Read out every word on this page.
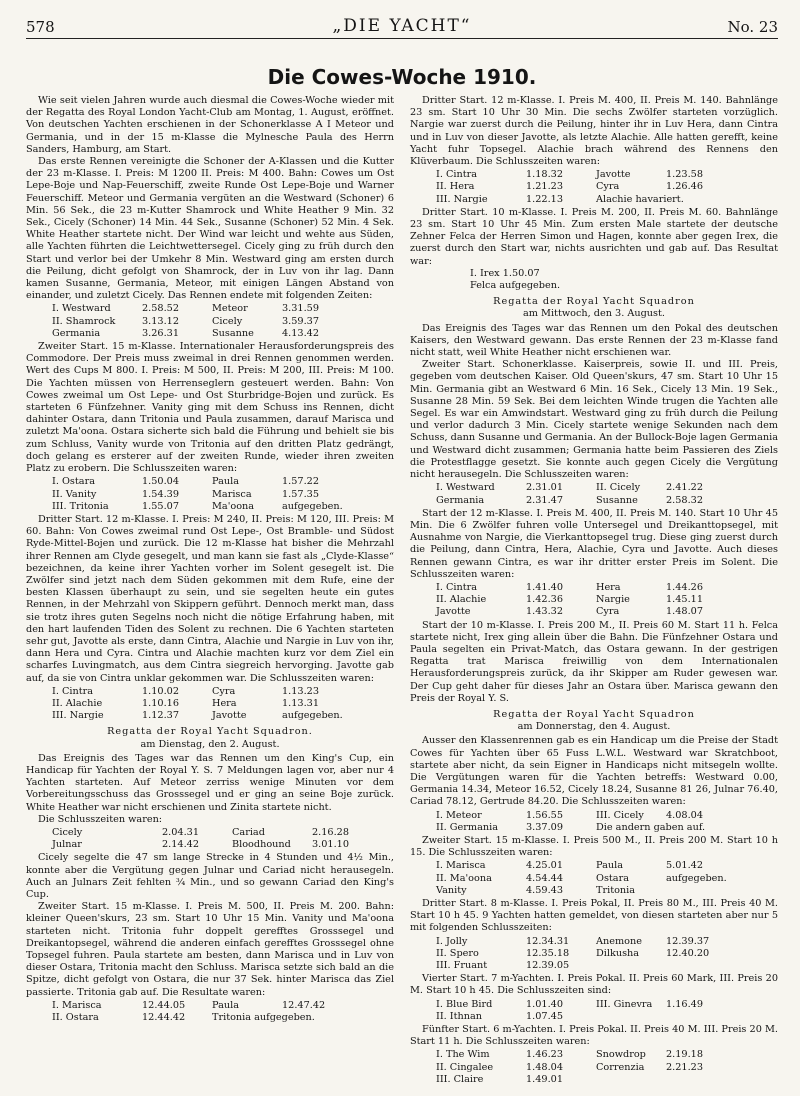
578	„DIE YACHT“	No. 23
Die Cowes-Woche 1910.

Wie seit vielen Jahren wurde auch diesmal die Cowes-Woche wieder mit der Regatta des Royal London Yacht-Club am Montag, 1. August, eröffnet. Von deutschen Yachten erschienen in der Schonerklasse A I Meteor und Germania, und in der 15 m-Klasse die Mylnesche Paula des Herrn Sanders, Hamburg, am Start.

Das erste Rennen vereinigte die Schoner der A-Klassen und die Kutter der 23 m-Klasse. I. Preis: M 1200 II. Preis: M 400. Bahn: Cowes um Ost Lepe-Boje und Nap-Feuerschiff, zweite Runde Ost Lepe-Boje und Warner Feuerschiff. Meteor und Germania vergüten an die Westward (Schoner) 6 Min. 56 Sek., die 23 m-Kutter Shamrock und White Heather 9 Min. 32 Sek., Cicely (Schoner) 14 Min. 44 Sek., Susanne (Schoner) 52 Min. 4 Sek. White Heather startete nicht. Der Wind war leicht und wehte aus Süden, alle Yachten führten die Leichtwettersegel. Cicely ging zu früh durch den Start und verlor bei der Umkehr 8 Min. Westward ging am ersten durch die Peilung, dicht gefolgt von Shamrock, der in Luv von ihr lag. Dann kamen Susanne, Germania, Meteor, mit einigen Längen Abstand von einander, und zuletzt Cicely. Das Rennen endete mit folgenden Zeiten:

I. Westward	2.58.52	Meteor	3.31.59
II. Shamrock	3.13.12	Cicely	3.59.37
Germania	3.26.31	Susanne	4.13.42

Zweiter Start. 15 m-Klasse. Internationaler Herausforderungspreis des Commodore. Der Preis muss zweimal in drei Rennen genommen werden. Wert des Cups M 800. I. Preis: M 500, II. Preis: M 200, III. Preis: M 100. Die Yachten müssen von Herrenseglern gesteuert werden. Bahn: Von Cowes zweimal um Ost Lepe- und Ost Sturbridge-Bojen und zurück. Es starteten 6 Fünfzehner. Vanity ging mit dem Schuss ins Rennen, dicht dahinter Ostara, dann Tritonia und Paula zusammen, darauf Marisca und zuletzt Ma'oona. Ostara sicherte sich bald die Führung und behielt sie bis zum Schluss, Vanity wurde von Tritonia auf den dritten Platz gedrängt, doch gelang es ersterer auf der zweiten Runde, wieder ihren zweiten Platz zu erobern. Die Schlusszeiten waren:

I. Ostara	1.50.04	Paula	1.57.22
II. Vanity	1.54.39	Marisca	1.57.35
III. Tritonia	1.55.07	Ma'oona	aufgegeben.

Dritter Start. 12 m-Klasse. I. Preis: M 240, II. Preis: M 120, III. Preis: M 60. Bahn: Von Cowes zweimal rund Ost Lepe-, Ost Bramble- und Südost Ryde-Mittel-Bojen und zurück. Die 12 m-Klasse hat bisher die Mehrzahl ihrer Rennen am Clyde gesegelt, und man kann sie fast als „Clyde-Klasse“ bezeichnen, da keine ihrer Yachten vorher im Solent gesegelt ist. Die Zwölfer sind jetzt nach dem Süden gekommen mit dem Rufe, eine der besten Klassen überhaupt zu sein, und sie segelten heute ein gutes Rennen, in der Mehrzahl von Skippern geführt. Dennoch merkt man, dass sie trotz ihres guten Segelns noch nicht die nötige Erfahrung haben, mit den hart laufenden Tiden des Solent zu rechnen. Die 6 Yachten starteten sehr gut, Javotte als erste, dann Cintra, Alachie und Nargie in Luv von ihr, dann Hera und Cyra. Cintra und Alachie machten kurz vor dem Ziel ein scharfes Luvingmatch, aus dem Cintra siegreich hervorging. Javotte gab auf, da sie von Cintra unklar gekommen war. Die Schlusszeiten waren:

I. Cintra	1.10.02	Cyra	1.13.23
II. Alachie	1.10.16	Hera	1.13.31
III. Nargie	1.12.37	Javotte	aufgegeben.
Regatta der Royal Yacht Squadron.
am Dienstag, den 2. August.

Das Ereignis des Tages war das Rennen um den King's Cup, ein Handicap für Yachten der Royal Y. S. 7 Meldungen lagen vor, aber nur 4 Yachten starteten. Auf Meteor zerriss wenige Minuten vor dem Vorbereitungsschuss das Grosssegel und er ging an seine Boje zurück. White Heather war nicht erschienen und Zinita startete nicht.

Die Schlusszeiten waren:

Cicely	2.04.31	Cariad	2.16.28
Julnar	2.14.42	Bloodhound	3.01.10

Cicely segelte die 47 sm lange Strecke in 4 Stunden und 4½ Min., konnte aber die Vergütung gegen Julnar und Cariad nicht herausegeln. Auch an Julnars Zeit fehlten ¾ Min., und so gewann Cariad den King's Cup.

Zweiter Start. 15 m-Klasse. I. Preis M. 500, II. Preis M. 200. Bahn: kleiner Queen'skurs, 23 sm. Start 10 Uhr 15 Min. Vanity und Ma'oona starteten nicht. Tritonia fuhr doppelt gerefftes Grosssegel und Dreikantopsegel, während die anderen einfach gerefftes Grosssegel ohne Topsegel fuhren. Paula startete am besten, dann Marisca und in Luv von dieser Ostara, Tritonia macht den Schluss. Marisca setzte sich bald an die Spitze, dicht gefolgt von Ostara, die nur 37 Sek. hinter Marisca das Ziel passierte. Tritonia gab auf. Die Resultate waren:

I. Marisca	12.44.05	Paula	12.47.42
II. Ostara	12.44.42	Tritonia aufgegeben.

Dritter Start. 12 m-Klasse. I. Preis M. 400, II. Preis M. 140. Bahnlänge 23 sm. Start 10 Uhr 30 Min. Die sechs Zwölfer starteten vorzüglich. Nargie war zuerst durch die Peilung, hinter ihr in Luv Hera, dann Cintra und in Luv von dieser Javotte, als letzte Alachie. Alle hatten gerefft, keine Yacht fuhr Topsegel. Alachie brach während des Rennens den Klüverbaum. Die Schlusszeiten waren:

I. Cintra	1.18.32	Javotte	1.23.58
II. Hera	1.21.23	Cyra	1.26.46
III. Nargie	1.22.13	Alachie havariert.

Dritter Start. 10 m-Klasse. I. Preis M. 200, II. Preis M. 60. Bahnlänge 23 sm. Start 10 Uhr 45 Min. Zum ersten Male startete der deutsche Zehner Felca der Herren Simon und Hagen, konnte aber gegen Irex, die zuerst durch den Start war, nichts ausrichten und gab auf. Das Resultat war:

I. Irex 1.50.07
Felca aufgegeben.
Regatta der Royal Yacht Squadron
am Mittwoch, den 3. August.

Das Ereignis des Tages war das Rennen um den Pokal des deutschen Kaisers, den Westward gewann. Das erste Rennen der 23 m-Klasse fand nicht statt, weil White Heather nicht erschienen war.

Zweiter Start. Schonerklasse. Kaiserpreis, sowie II. und III. Preis, gegeben vom deutschen Kaiser. Old Queen'skurs, 47 sm. Start 10 Uhr 15 Min. Germania gibt an Westward 6 Min. 16 Sek., Cicely 13 Min. 19 Sek., Susanne 28 Min. 59 Sek. Bei dem leichten Winde trugen die Yachten alle Segel. Es war ein Amwindstart. Westward ging zu früh durch die Peilung und verlor dadurch 3 Min. Cicely startete wenige Sekunden nach dem Schuss, dann Susanne und Germania. An der Bullock-Boje lagen Germania und Westward dicht zusammen; Germania hatte beim Passieren des Ziels die Protestflagge gesetzt. Sie konnte auch gegen Cicely die Vergütung nicht herausegeln. Die Schlusszeiten waren:

I. Westward	2.31.01	II. Cicely	2.41.22
Germania	2.31.47	Susanne	2.58.32

Start der 12 m-Klasse. I. Preis M. 400, II. Preis M. 140. Start 10 Uhr 45 Min. Die 6 Zwölfer fuhren volle Untersegel und Dreikanttopsegel, mit Ausnahme von Nargie, die Vierkanttopsegel trug. Diese ging zuerst durch die Peilung, dann Cintra, Hera, Alachie, Cyra und Javotte. Auch dieses Rennen gewann Cintra, es war ihr dritter erster Preis im Solent. Die Schlusszeiten waren:

I. Cintra	1.41.40	Hera	1.44.26
II. Alachie	1.42.36	Nargie	1.45.11
Javotte	1.43.32	Cyra	1.48.07

Start der 10 m-Klasse. I. Preis 200 M., II. Preis 60 M. Start 11 h. Felca startete nicht, Irex ging allein über die Bahn. Die Fünfzehner Ostara und Paula segelten ein Privat-Match, das Ostara gewann. In der gestrigen Regatta trat Marisca freiwillig von dem Internationalen Herausforderungspreis zurück, da ihr Skipper am Ruder gewesen war. Der Cup geht daher für dieses Jahr an Ostara über. Marisca gewann den Preis der Royal Y. S.

Regatta der Royal Yacht Squadron
am Donnerstag, den 4. August.

Ausser den Klassenrennen gab es ein Handicap um die Preise der Stadt Cowes für Yachten über 65 Fuss L.W.L. Westward war Skratchboot, startete aber nicht, da sein Eigner in Handicaps nicht mitsegeln wollte. Die Vergütungen waren für die Yachten betreffs: Westward 0.00, Germania 14.34, Meteor 16.52, Cicely 18.24, Susanne 81 26, Julnar 76.40, Cariad 78.12, Gertrude 84.20. Die Schlusszeiten waren:

I. Meteor	1.56.55	III. Cicely	4.08.04
II. Germania	3.37.09	Die andern gaben auf.

Zweiter Start. 15 m-Klasse. I. Preis 500 M., II. Preis 200 M. Start 10 h 15. Die Schlusszeiten waren:

I. Marisca	4.25.01	Paula	5.01.42
II. Ma'oona	4.54.44	Ostara	aufgegeben.
Vanity	4.59.43	Tritonia

Dritter Start. 8 m-Klasse. I. Preis Pokal, II. Preis 80 M., III. Preis 40 M. Start 10 h 45. 9 Yachten hatten gemeldet, von diesen starteten aber nur 5 mit folgenden Schlusszeiten:

I. Jolly	12.34.31	Anemone	12.39.37
II. Spero	12.35.18	Dilkusha	12.40.20
III. Fruant	12.39.05

Vierter Start. 7 m-Yachten. I. Preis Pokal. II. Preis 60 Mark, III. Preis 20 M. Start 10 h 45. Die Schlusszeiten sind:

I. Blue Bird	1.01.40	III. Ginevra	1.16.49
II. Ithnan	1.07.45

Fünfter Start. 6 m-Yachten. I. Preis Pokal. II. Preis 40 M. III. Preis 20 M. Start 11 h. Die Schlusszeiten waren:

I. The Wim	1.46.23	Snowdrop	2.19.18
II. Cingalee	1.48.04	Correnzia	2.21.23
III. Claire	1.49.01
